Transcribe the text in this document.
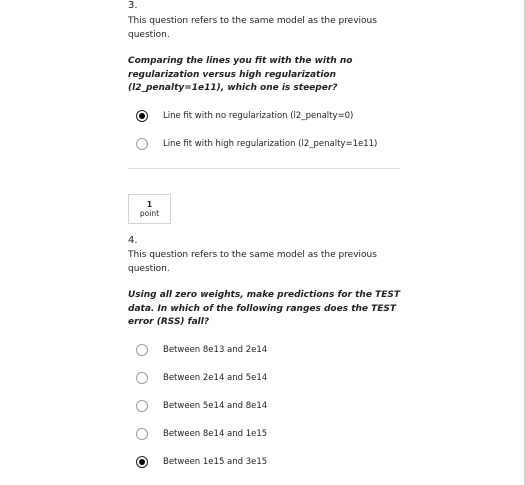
3.
This question refers to the same model as the previous question.
Comparing the lines you fit with the with no regularization versus high regularization (l2_penalty=1e11), which one is steeper?
Line fit with no regularization (l2_penalty=0)
Line fit with high regularization (l2_penalty=1e11)
1
point
4.
This question refers to the same model as the previous question.
Using all zero weights, make predictions for the TEST data. In which of the following ranges does the TEST error (RSS) fall?
Between 8e13 and 2e14
Between 2e14 and 5e14
Between 5e14 and 8e14
Between 8e14 and 1e15
Between 1e15 and 3e15
